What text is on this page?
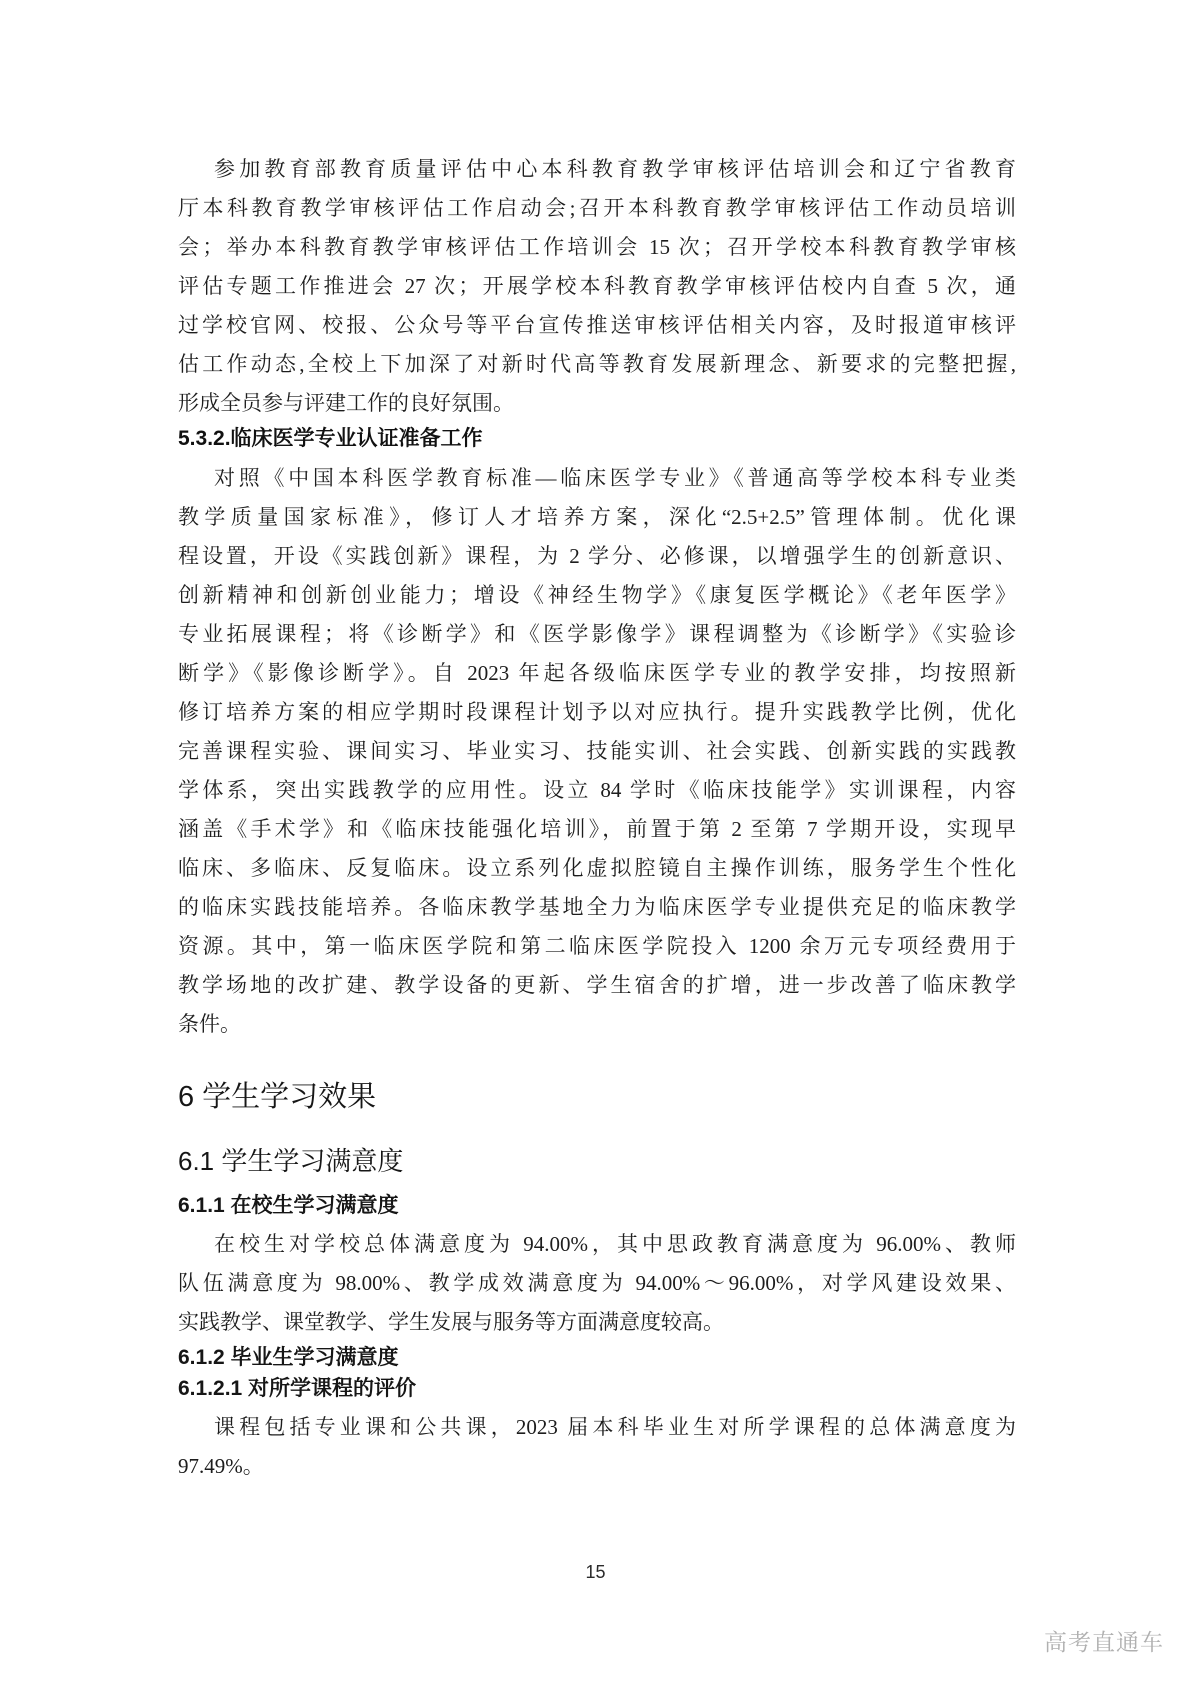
参加教育部教育质量评估中心本科教育教学审核评估培训会和辽宁省教育
厅本科教育教学审核评估工作启动会;召开本科教育教学审核评估工作动员培训
会；举办本科教育教学审核评估工作培训会 15 次；召开学校本科教育教学审核
评估专题工作推进会 27 次；开展学校本科教育教学审核评估校内自查 5 次，通
过学校官网、校报、公众号等平台宣传推送审核评估相关内容，及时报道审核评
估工作动态,全校上下加深了对新时代高等教育发展新理念、新要求的完整把握,
形成全员参与评建工作的良好氛围。
5.3.2.临床医学专业认证准备工作
对照《中国本科医学教育标准—临床医学专业》《普通高等学校本科专业类
教学质量国家标准》，修订人才培养方案，深化“2.5+2.5”管理体制。优化课
程设置，开设《实践创新》课程，为 2 学分、必修课，以增强学生的创新意识、
创新精神和创新创业能力；增设《神经生物学》《康复医学概论》《老年医学》
专业拓展课程；将《诊断学》和《医学影像学》课程调整为《诊断学》《实验诊
断学》《影像诊断学》。自 2023 年起各级临床医学专业的教学安排，均按照新
修订培养方案的相应学期时段课程计划予以对应执行。提升实践教学比例，优化
完善课程实验、课间实习、毕业实习、技能实训、社会实践、创新实践的实践教
学体系，突出实践教学的应用性。设立 84 学时《临床技能学》实训课程，内容
涵盖《手术学》和《临床技能强化培训》，前置于第 2 至第 7 学期开设，实现早
临床、多临床、反复临床。设立系列化虚拟腔镜自主操作训练，服务学生个性化
的临床实践技能培养。各临床教学基地全力为临床医学专业提供充足的临床教学
资源。其中，第一临床医学院和第二临床医学院投入 1200 余万元专项经费用于
教学场地的改扩建、教学设备的更新、学生宿舍的扩增，进一步改善了临床教学
条件。
6 学生学习效果
6.1 学生学习满意度
6.1.1 在校生学习满意度
在校生对学校总体满意度为 94.00%，其中思政教育满意度为 96.00%、教师
队伍满意度为 98.00%、教学成效满意度为 94.00%～96.00%，对学风建设效果、
实践教学、课堂教学、学生发展与服务等方面满意度较高。
6.1.2 毕业生学习满意度
6.1.2.1 对所学课程的评价
课程包括专业课和公共课，2023 届本科毕业生对所学课程的总体满意度为
97.49%。
15
高考直通车
